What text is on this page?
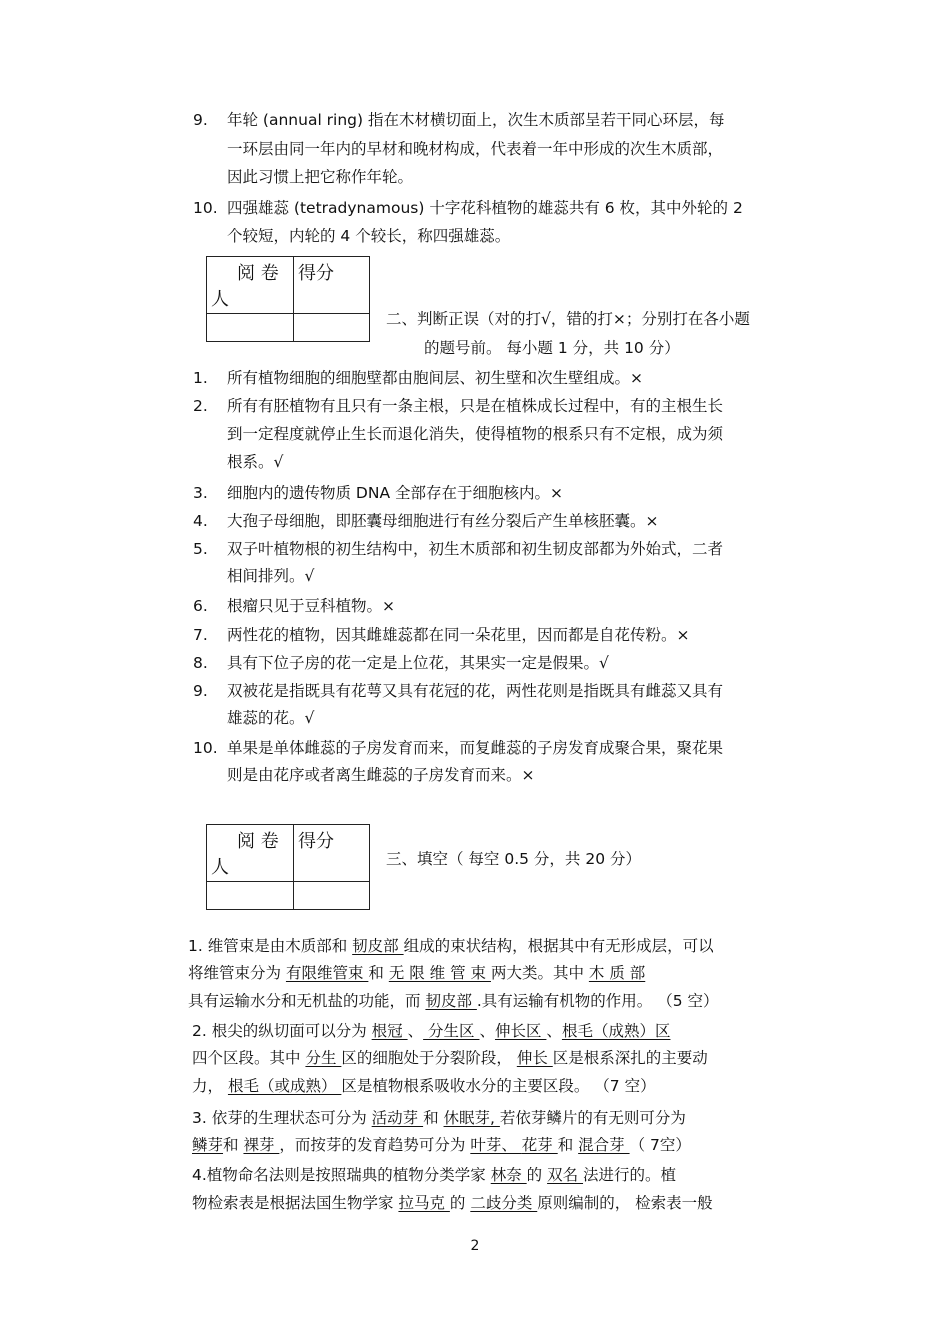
9. 年轮 (annual ring) 指在木材横切面上，次生木质部呈若干同心环层，每
一环层由同一年内的早材和晚材构成，代表着一年中形成的次生木质部，
因此习惯上把它称作年轮。
10. 四强雄蕊 (tetradynamous) 十字花科植物的雄蕊共有 6 枚，其中外轮的 2
个较短，内轮的 4 个较长，称四强雄蕊。
阅 卷
人	得分

二、判断正误（对的打√，错的打×；分别打在各小题
的题号前。 每小题 1 分，共 10 分）
1. 所有植物细胞的细胞壁都由胞间层、初生壁和次生壁组成。×
2. 所有有胚植物有且只有一条主根，只是在植株成长过程中，有的主根生长
到一定程度就停止生长而退化消失，使得植物的根系只有不定根，成为须
根系。√
3. 细胞内的遗传物质 DNA 全部存在于细胞核内。×
4. 大孢子母细胞，即胚囊母细胞进行有丝分裂后产生单核胚囊。×
5. 双子叶植物根的初生结构中，初生木质部和初生韧皮部都为外始式，二者
相间排列。√
6. 根瘤只见于豆科植物。×
7. 两性花的植物，因其雌雄蕊都在同一朵花里，因而都是自花传粉。×
8. 具有下位子房的花一定是上位花，其果实一定是假果。√
9. 双被花是指既具有花萼又具有花冠的花，两性花则是指既具有雌蕊又具有
雄蕊的花。√
10. 单果是单体雌蕊的子房发育而来，而复雌蕊的子房发育成聚合果，聚花果
则是由花序或者离生雌蕊的子房发育而来。×
阅 卷
人	得分

三、填空（ 每空 0.5 分，共 20 分）
1. 维管束是由木质部和 韧皮部 组成的束状结构，根据其中有无形成层，可以
将维管束分为 有限维管束 和 无 限 维 管 束 两大类。其中 木 质 部
具有运输水分和无机盐的功能，而 韧皮部 .具有运输有机物的作用。 （5 空）
2. 根尖的纵切面可以分为 根冠 、 分生区 、伸长区 、根毛（成熟）区
四个区段。其中 分生 区的细胞处于分裂阶段， 伸长 区是根系深扎的主要动
力， 根毛（或成熟） 区是植物根系吸收水分的主要区段。 （7 空）
3. 依芽的生理状态可分为 活动芽 和 休眠芽, 若依芽鳞片的有无则可分为
鳞芽和 裸芽 ，而按芽的发育趋势可分为 叶芽、 花芽 和 混合芽 （ 7空）
4.植物命名法则是按照瑞典的植物分类学家 林奈 的 双名 法进行的。植
物检索表是根据法国生物学家 拉马克 的 二歧分类 原则编制的， 检索表一般
2
